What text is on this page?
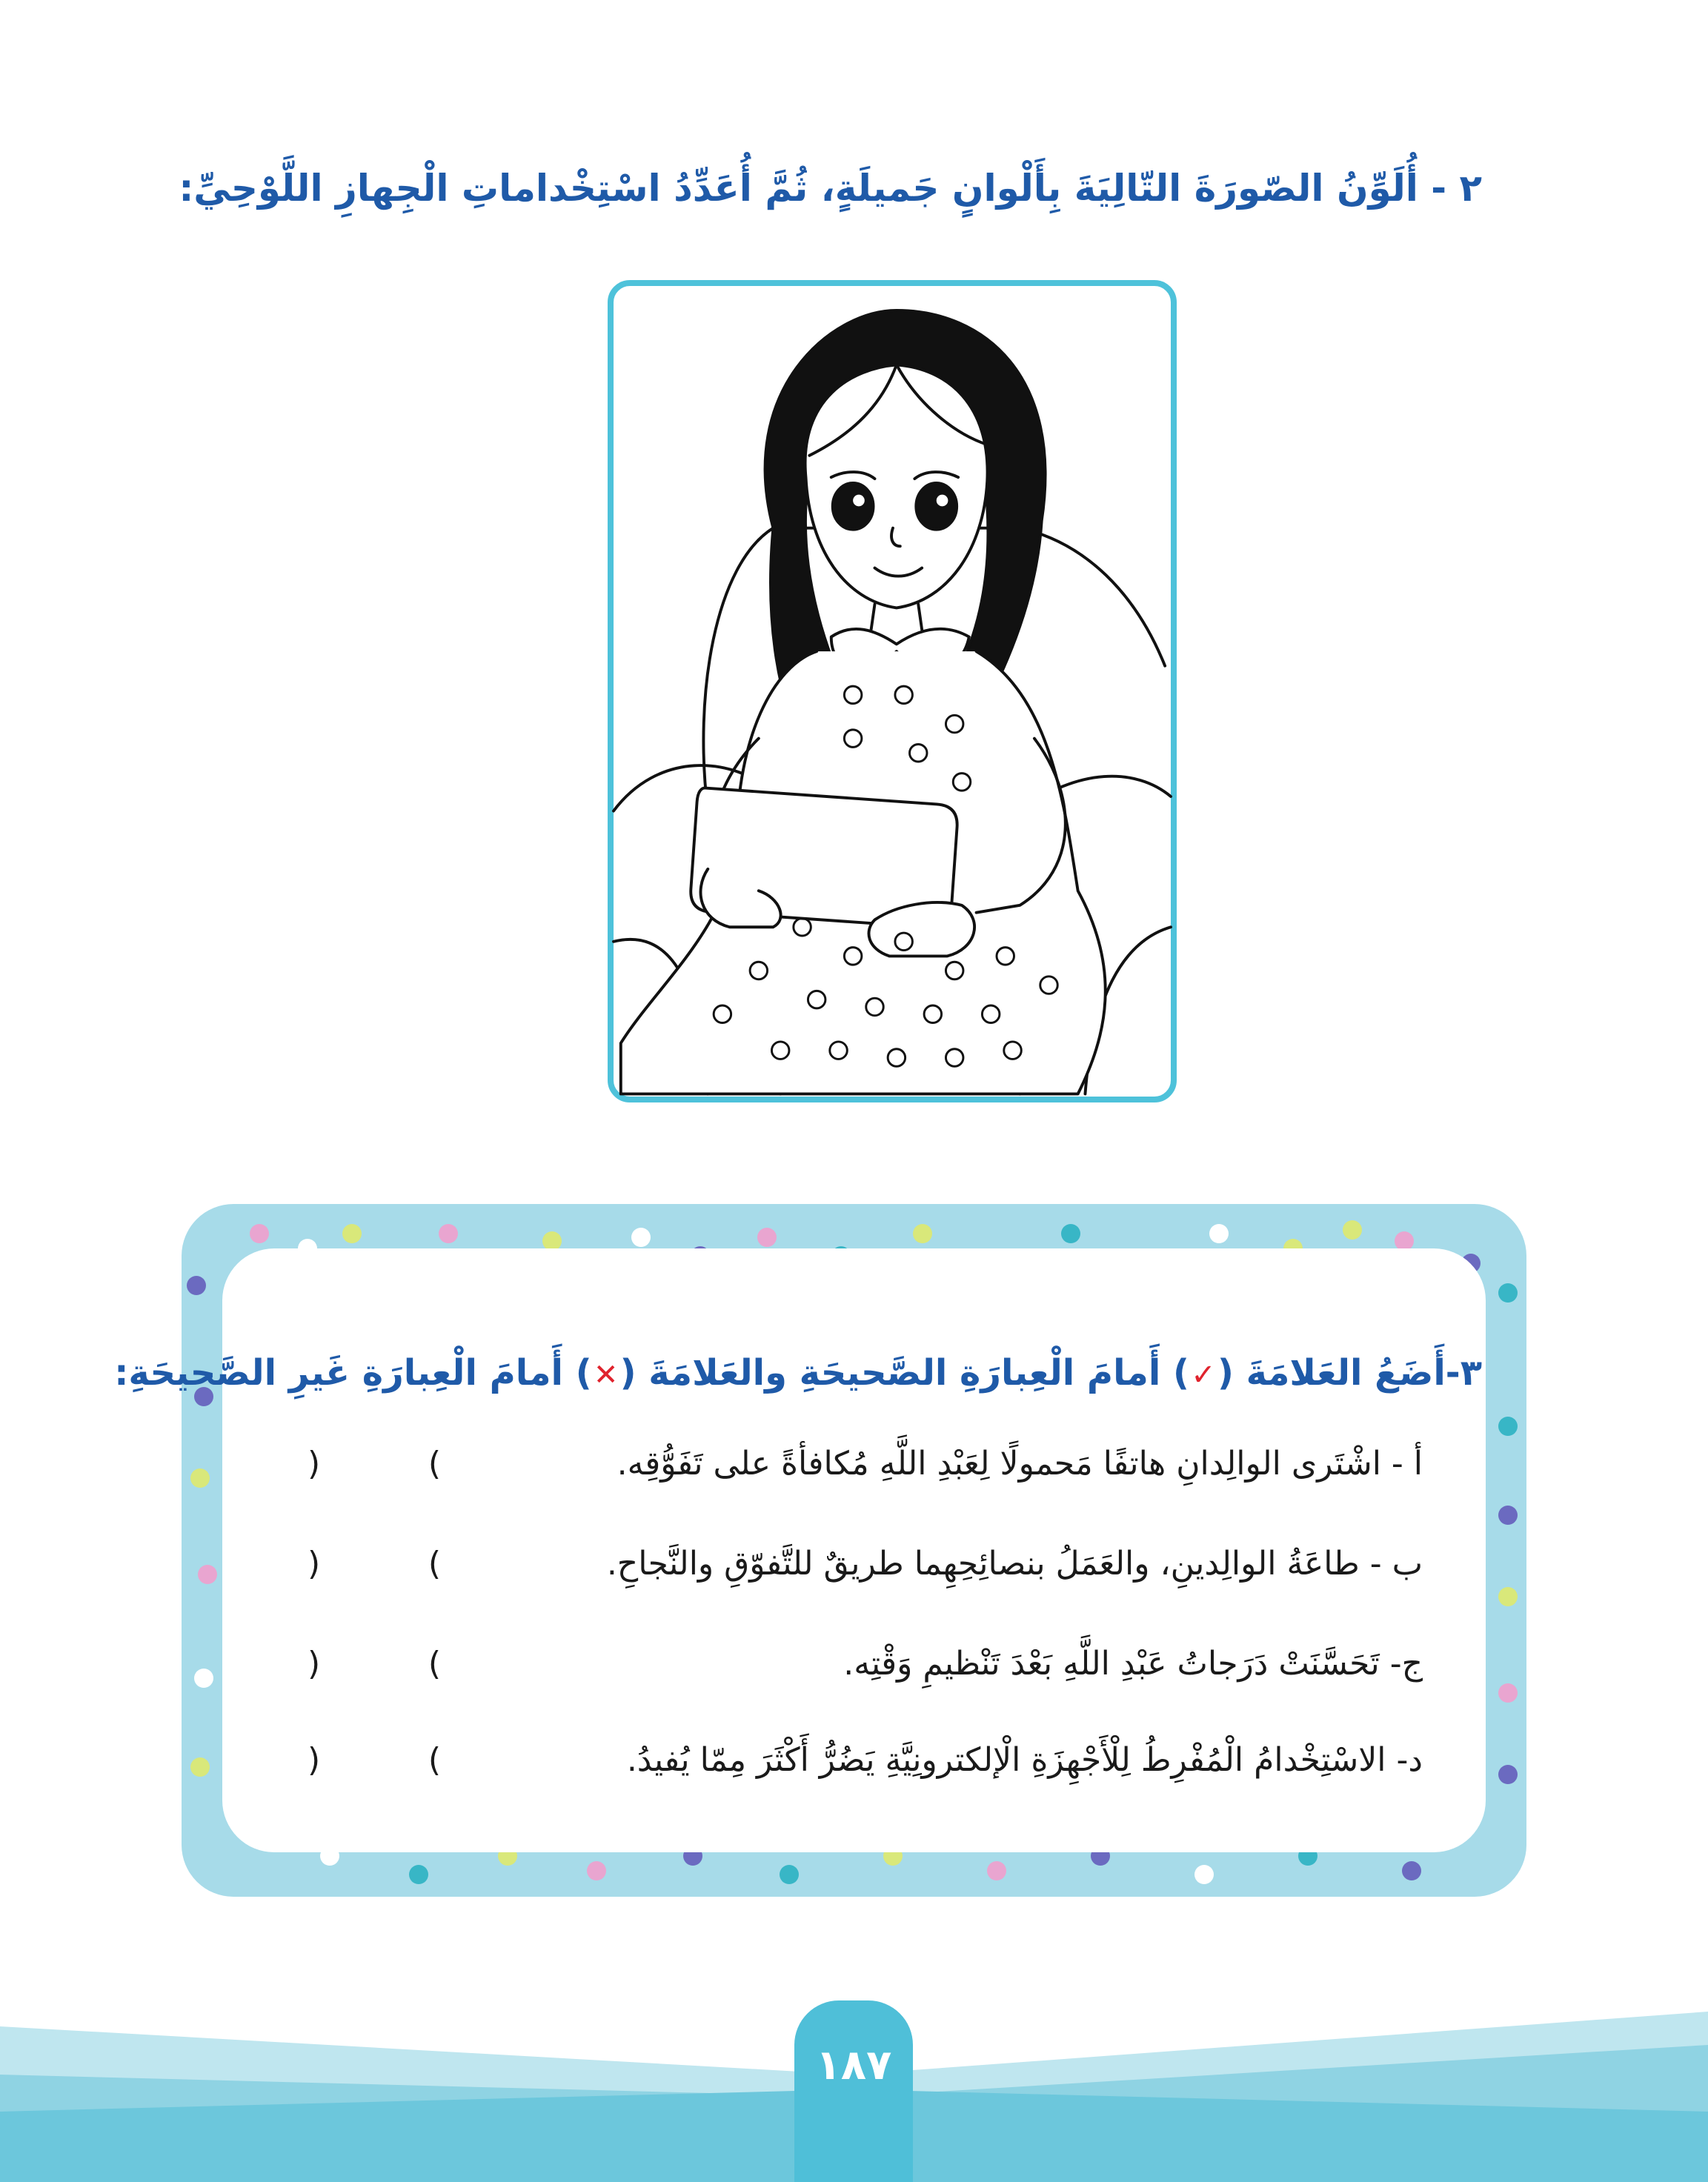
٢ - أُلَوِّنُ الصّورَةَ التّالِيَةَ بِأَلْوانٍ جَميلَةٍ، ثُمَّ أُعَدِّدُ اسْتِخْداماتِ الْجِهازِ اللَّوْحِيِّ:
٣-أَضَعُ العَلامَةَ (✓) أَمامَ الْعِبارَةِ الصَّحيحَةِ والعَلامَةَ (✕) أَمامَ الْعِبارَةِ غَيرِ الصَّحيحَةِ:
أ - اشْتَرى الوالِدانِ هاتفًا مَحمولًا لِعَبْدِ اللَّهِ مُكافأةً على تَفَوُّقِه.
)	(
ب - طاعَةُ الوالِدينِ، والعَمَلُ بنصائِحِهِما طريقٌ للتَّفوّقِ والنَّجاحِ.
)	(
ج- تَحَسَّنَتْ دَرَجاتُ عَبْدِ اللَّهِ بَعْدَ تَنْظيمِ وَقْتِه.
)	(
د- الاسْتِخْدامُ الْمُفْرِطُ لِلْأَجْهِزَةِ الْإلكترونِيَّةِ يَضُرُّ أَكْثَرَ مِمّا يُفيدُ.
)	(
١٨٧
